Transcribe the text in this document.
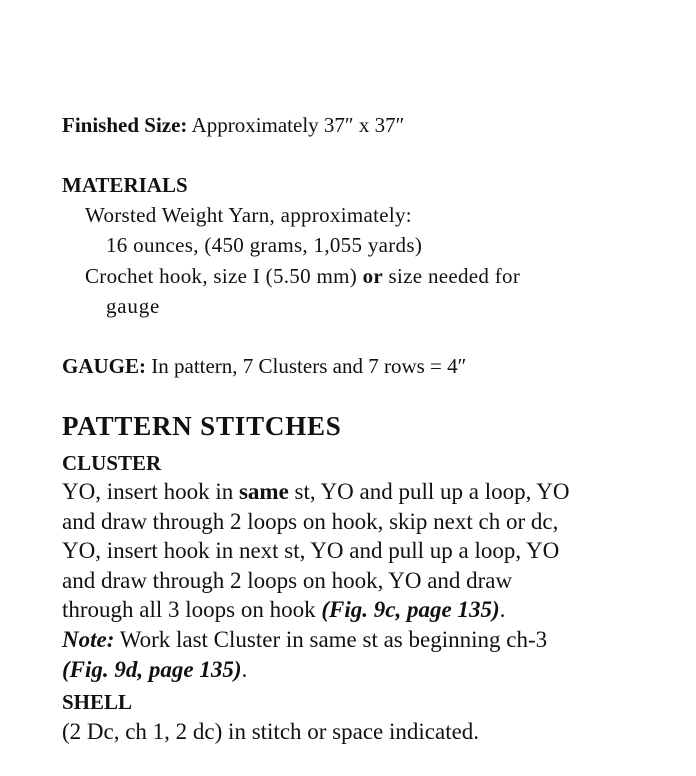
Finished Size: Approximately 37″ x 37″
MATERIALS
Worsted Weight Yarn, approximately:
16 ounces, (450 grams, 1,055 yards)
Crochet hook, size I (5.50 mm) or size needed for
gauge
GAUGE: In pattern, 7 Clusters and 7 rows = 4″
PATTERN STITCHES
CLUSTER
YO, insert hook in same st, YO and pull up a loop, YO
and draw through 2 loops on hook, skip next ch or dc,
YO, insert hook in next st, YO and pull up a loop, YO
and draw through 2 loops on hook, YO and draw
through all 3 loops on hook (Fig. 9c, page 135).
Note: Work last Cluster in same st as beginning ch-3
(Fig. 9d, page 135).
SHELL
(2 Dc, ch 1, 2 dc) in stitch or space indicated.
